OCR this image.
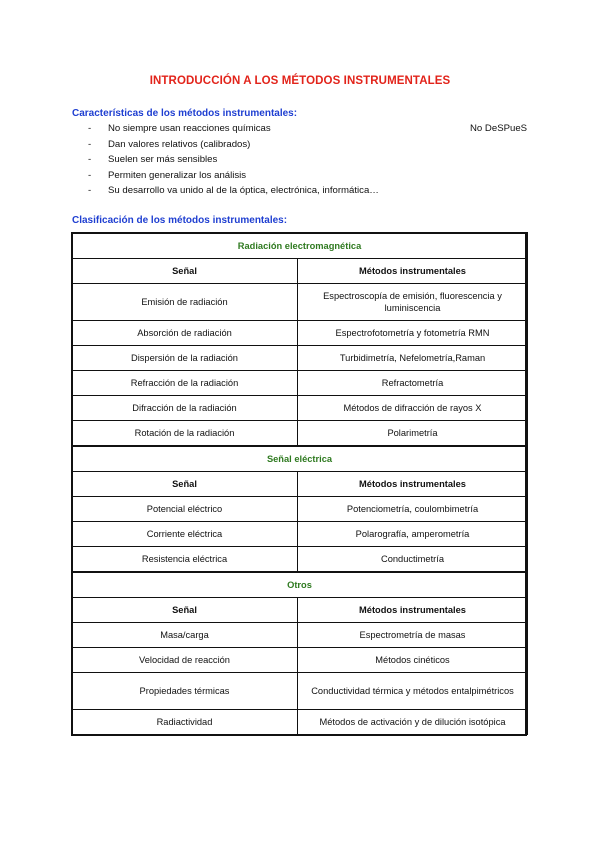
INTRODUCCIÓN A LOS MÉTODOS INSTRUMENTALES
Características de los métodos instrumentales:
- No siempre usan reacciones químicas
- Dan valores relativos (calibrados)
- Suelen ser más sensibles
- Permiten generalizar los análisis
- Su desarrollo va unido al de la óptica, electrónica, informática…
No DeSPueS
Clasificación de los métodos instrumentales:
Radiación electromagnética	
Señal	Métodos instrumentales
Emisión de radiación	Espectroscopía de emisión, fluorescencia y luminiscencia
Absorción de radiación	Espectrofotometría y fotometría RMN
Dispersión de la radiación	Turbidimetría, Nefelometría,Raman
Refracción de la radiación	Refractometría
Difracción de la radiación	Métodos de difracción de rayos X
Rotación de la radiación	Polarimetría
Señal eléctrica	
Señal	Métodos instrumentales
Potencial eléctrico	Potenciometría, coulombimetría
Corriente eléctrica	Polarografía, amperometría
Resistencia eléctrica	Conductimetría
Otros	
Señal	Métodos instrumentales
Masa/carga	Espectrometría de masas
Velocidad de reacción	Métodos cinéticos
Propiedades térmicas	Conductividad térmica y métodos entalpimétricos
Radiactividad	Métodos de activación y de dilución isotópica
